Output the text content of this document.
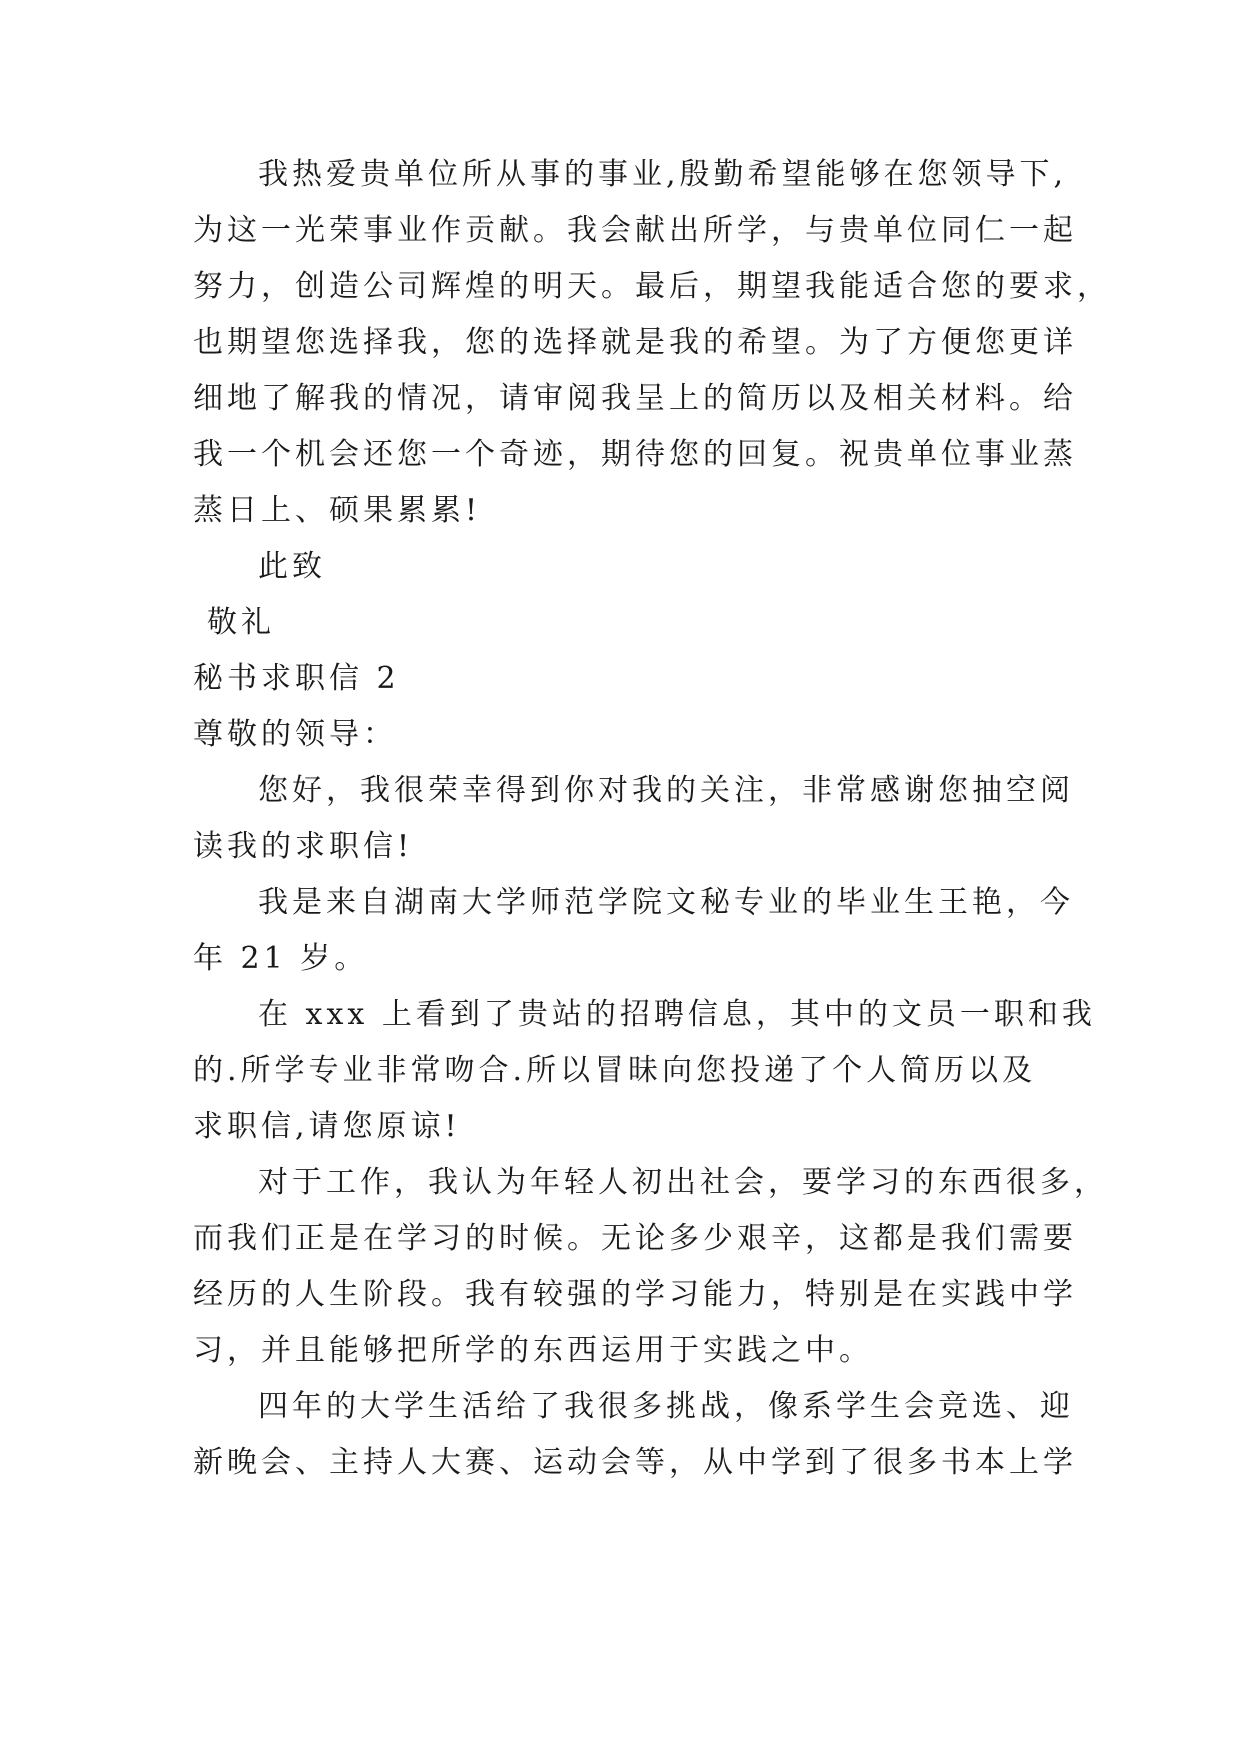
我热爱贵单位所从事的事业,殷勤希望能够在您领导下,
为这一光荣事业作贡献。我会献出所学，与贵单位同仁一起
努力，创造公司辉煌的明天。最后，期望我能适合您的要求，
也期望您选择我，您的选择就是我的希望。为了方便您更详
细地了解我的情况，请审阅我呈上的简历以及相关材料。给
我一个机会还您一个奇迹，期待您的回复。祝贵单位事业蒸
蒸日上、硕果累累!
此致
敬礼
秘书求职信 2
尊敬的领导：
您好，我很荣幸得到你对我的关注，非常感谢您抽空阅
读我的求职信!
我是来自湖南大学师范学院文秘专业的毕业生王艳，今
年 21 岁。
在 xxx 上看到了贵站的招聘信息，其中的文员一职和我
的.所学专业非常吻合.所以冒昧向您投递了个人简历以及
求职信,请您原谅!
对于工作，我认为年轻人初出社会，要学习的东西很多，
而我们正是在学习的时候。无论多少艰辛，这都是我们需要
经历的人生阶段。我有较强的学习能力，特别是在实践中学
习，并且能够把所学的东西运用于实践之中。
四年的大学生活给了我很多挑战，像系学生会竞选、迎
新晚会、主持人大赛、运动会等，从中学到了很多书本上学
